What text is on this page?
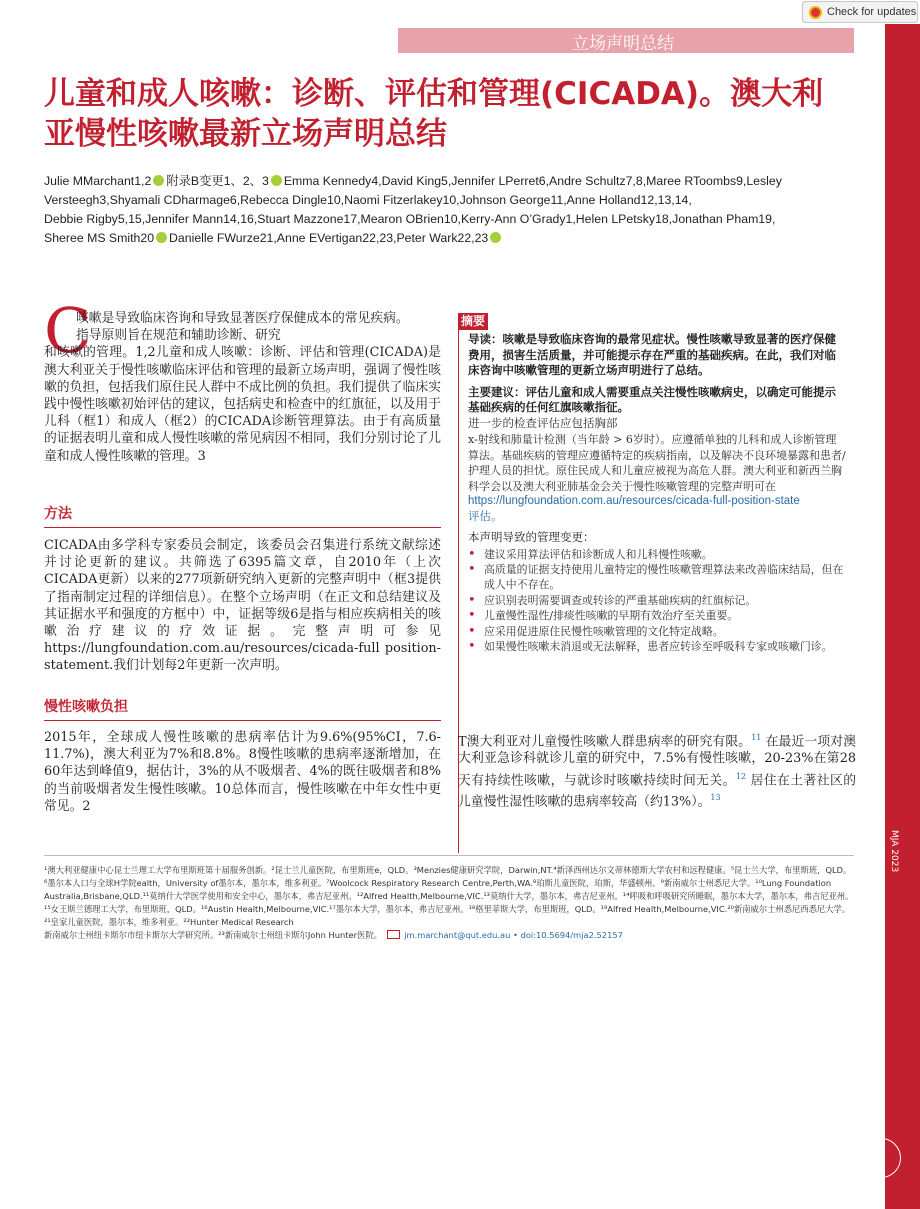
MJA 2023
立场声明总结
Check for updates
儿童和成人咳嗽：诊断、评估和管理(CICADA)。澳大利亚慢性咳嗽最新立场声明总结
Julie MMarchant1,2 附录B变更1、2、3 Emma Kennedy4,David King5,Jennifer LPerret6,Andre Schultz7,8,Maree RToombs9,Lesley Versteegh3,Shyamali CDharmage6,Rebecca Dingle10,Naomi Fitzerlakey10,Johnson George11,Anne Holland12,13,14,
Debbie Rigby5,15,Jennifer Mann14,16,Stuart Mazzone17,Mearon OBrien10,Kerry-Ann O’Grady1,Helen LPetsky18,Jonathan Pham19,
Sheree MS Smith20 Danielle FWurze21,Anne EVertigan22,23,Peter Wark22,23
C
咳嗽是导致临床咨询和导致显著医疗保健成本的常见疾病。
指导原则旨在规范和辅助诊断、研究
和咳嗽的管理。1,2儿童和成人咳嗽：诊断、评估和管理(CICADA)是澳大利亚关于慢性咳嗽临床评估和管理的最新立场声明，强调了慢性咳嗽的负担，包括我们原住民人群中不成比例的负担。我们提供了临床实践中慢性咳嗽初始评估的建议，包括病史和检查中的红旗征，以及用于儿科（框1）和成人（框2）的CICADA诊断管理算法。由于有高质量的证据表明儿童和成人慢性咳嗽的常见病因不相同，我们分别讨论了儿童和成人慢性咳嗽的管理。3
方法
CICADA由多学科专家委员会制定，该委员会召集进行系统文献综述并讨论更新的建议。共筛选了6395篇文章，自2010年（上次CICADA更新）以来的277项新研究纳入更新的完整声明中（框3提供了指南制定过程的详细信息）。在整个立场声明（在正文和总结建议及其证据水平和强度的方框中）中，证据等级6是指与相应疾病相关的咳嗽治疗建议的疗效证据。完整声明可参见https://lungfoundation.com.au/resources/cicada-full position-statement.我们计划每2年更新一次声明。
慢性咳嗽负担
2015年，全球成人慢性咳嗽的患病率估计为9.6%(95%CI，7.6-11.7%)，澳大利亚为7%和8.8%。8慢性咳嗽的患病率逐渐增加，在60年达到峰值9，据估计，3%的从不吸烟者、4%的既往吸烟者和8%的当前吸烟者发生慢性咳嗽。10总体而言，慢性咳嗽在中年女性中更常见。2
摘要
导读：咳嗽是导致临床咨询的最常见症状。慢性咳嗽导致显著的医疗保健费用，损害生活质量，并可能提示存在严重的基础疾病。在此，我们对临床咨询中咳嗽管理的更新立场声明进行了总结。
主要建议：评估儿童和成人需要重点关注慢性咳嗽病史，以确定可能提示基础疾病的任何红旗咳嗽指征。
进一步的检查评估应包括胸部
x-射线和肺量计检测（当年龄 > 6岁时）。应遵循单独的儿科和成人诊断管理算法。基础疾病的管理应遵循特定的疾病指南，以及解决不良环境暴露和患者/护理人员的担忧。原住民成人和儿童应被视为高危人群。澳大利亚和新西兰胸科学会以及澳大利亚肺基金会关于慢性咳嗽管理的完整声明可在
https://lungfoundation.com.au/resources/cicada-full-position-state
评估。
本声明导致的管理变更：
• 建议采用算法评估和诊断成人和儿科慢性咳嗽。
• 高质量的证据支持使用儿童特定的慢性咳嗽管理算法来改善临床结局，但在成人中不存在。
• 应识别表明需要调查或转诊的严重基础疾病的红旗标记。
• 儿童慢性湿性/排痰性咳嗽的早期有效治疗至关重要。
• 应采用促进原住民慢性咳嗽管理的文化特定战略。
• 如果慢性咳嗽未消退或无法解释，患者应转诊至呼吸科专家或咳嗽门诊。
T澳大利亚对儿童慢性咳嗽人群患病率的研究有限。$^{11}$ 在最近一项对澳大利亚急诊科就诊儿童的研究中，7.5%有慢性咳嗽，20-23%在第28天有持续性咳嗽，与就诊时咳嗽持续时间无关。$^{12}$ 居住在土著社区的儿童慢性湿性咳嗽的患病率较高（约13%）。$^{13}$
¹澳大利亚健康中心昆士兰理工大学布里斯班第十届服务创新。²昆士兰儿童医院，布里斯班e，QLD。³Menzies健康研究学院，Darwin,NT.⁴新泽西州达尔文蒂林德斯大学农村和远程健康。⁵昆士兰大学，布里斯班，QLD。⁶墨尔本人口与全球H学院ealth，University of墨尔本，墨尔本，维多利亚。⁷Woolcock Respiratory Research Centre,Perth,WA.⁸珀斯儿童医院，珀斯，华盛顿州。⁹新南威尔士州悉尼大学。¹⁰Lung Foundation Australia,Brisbane,QLD.¹¹莫纳什大学医学使用和安全中心，墨尔本，弗吉尼亚州。¹²Alfred Health,Melbourne,VIC.¹³莫纳什大学，墨尔本，弗吉尼亚州。¹⁴呼吸和呼吸研究所睡眠，墨尔本大学，墨尔本，弗吉尼亚州。¹⁵女王斯兰德理工大学，布里斯班，QLD。¹⁶Austin Health,Melbourne,VIC.¹⁷墨尔本大学，墨尔本，弗吉尼亚州。¹⁸格里菲斯大学，布里斯班，QLD。¹⁹Alfred Health,Melbourne,VIC.²⁰新南威尔士州悉尼西悉尼大学。²¹皇家儿童医院，墨尔本，维多利亚。²²Hunter Medical Research
新南威尔士州纽卡斯尔市纽卡斯尔大学研究所。²³新南威尔士州纽卡斯尔John Hunter医院。	jm.marchant@qut.edu.au • doi:10.5694/mja2.52157
